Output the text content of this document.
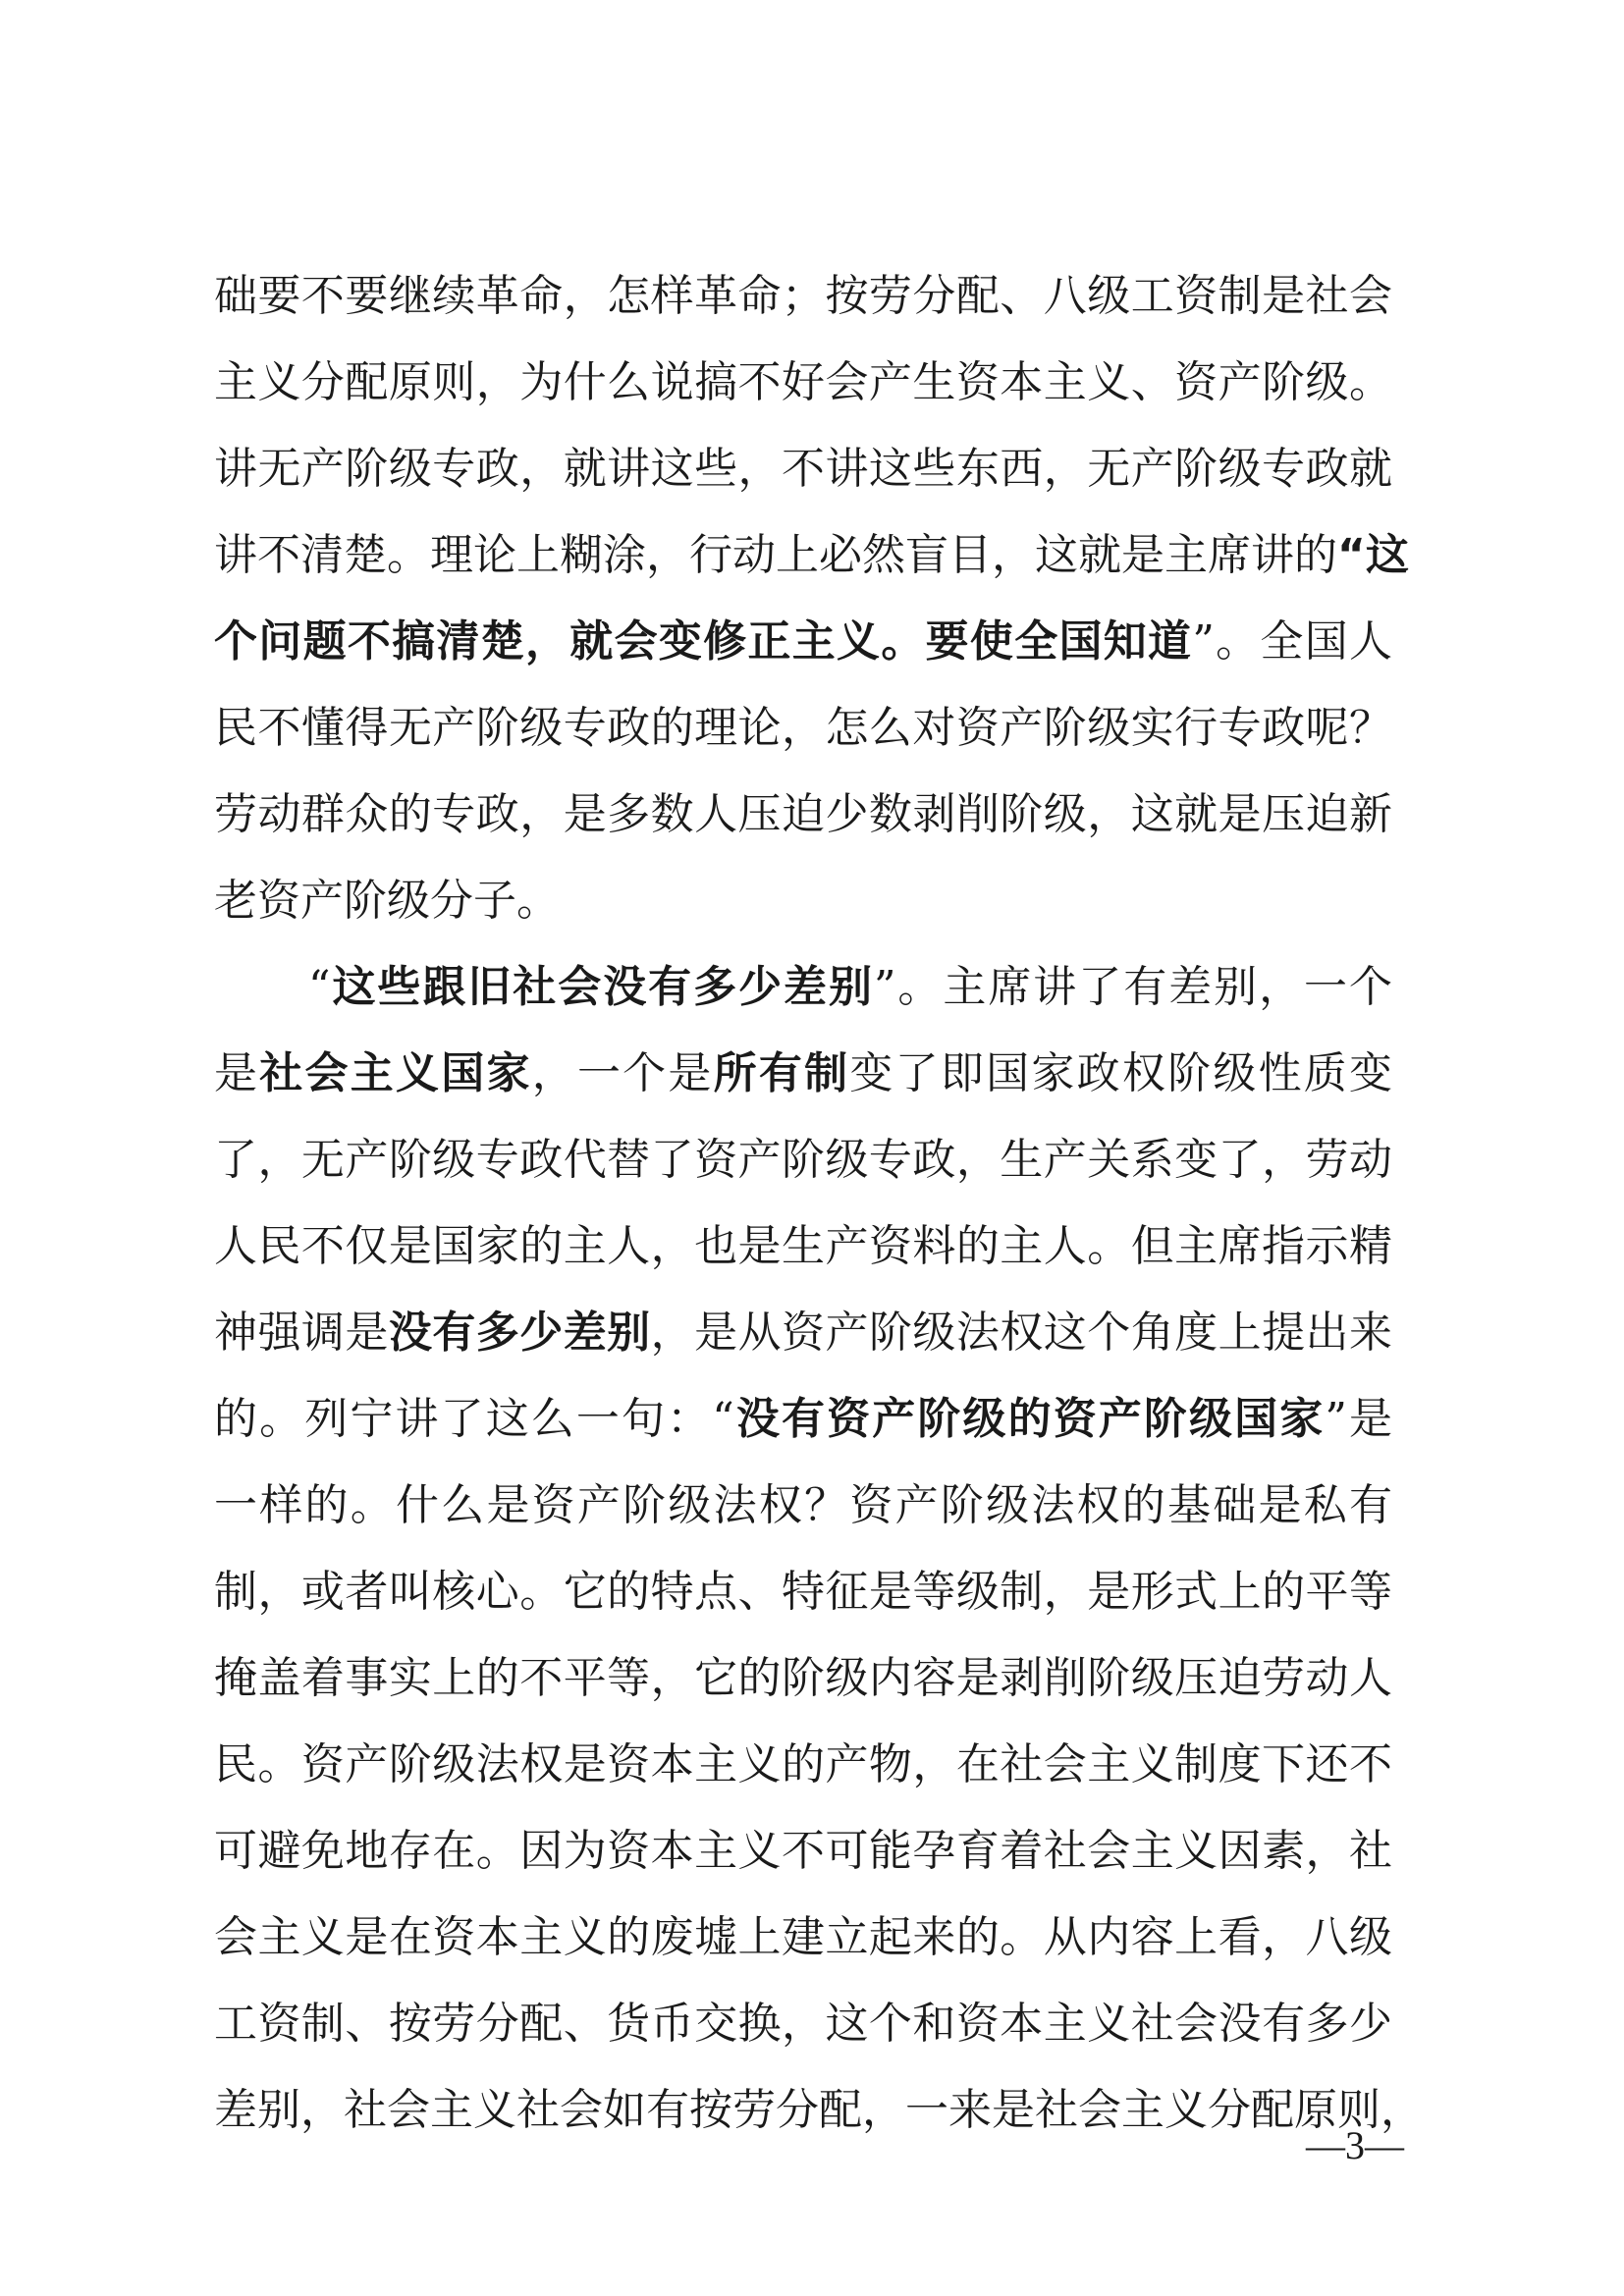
础要不要继续革命，怎样革命；按劳分配、八级工资制是社会
主义分配原则，为什么说搞不好会产生资本主义、资产阶级。
讲无产阶级专政，就讲这些，不讲这些东西，无产阶级专政就
讲不清楚。理论上糊涂，行动上必然盲目，这就是主席讲的“这
个问题不搞清楚，就会变修正主义。要使全国知道”。全国人
民不懂得无产阶级专政的理论，怎么对资产阶级实行专政呢？
劳动群众的专政，是多数人压迫少数剥削阶级，这就是压迫新
老资产阶级分子。
“这些跟旧社会没有多少差别”。主席讲了有差别，一个
是社会主义国家，一个是所有制变了即国家政权阶级性质变
了，无产阶级专政代替了资产阶级专政，生产关系变了，劳动
人民不仅是国家的主人，也是生产资料的主人。但主席指示精
神强调是没有多少差别，是从资产阶级法权这个角度上提出来
的。列宁讲了这么一句：“没有资产阶级的资产阶级国家”是
一样的。什么是资产阶级法权？资产阶级法权的基础是私有
制，或者叫核心。它的特点、特征是等级制，是形式上的平等
掩盖着事实上的不平等，它的阶级内容是剥削阶级压迫劳动人
民。资产阶级法权是资本主义的产物，在社会主义制度下还不
可避免地存在。因为资本主义不可能孕育着社会主义因素，社
会主义是在资本主义的废墟上建立起来的。从内容上看，八级
工资制、按劳分配、货币交换，这个和资本主义社会没有多少
差别，社会主义社会如有按劳分配，一来是社会主义分配原则，
—3—
